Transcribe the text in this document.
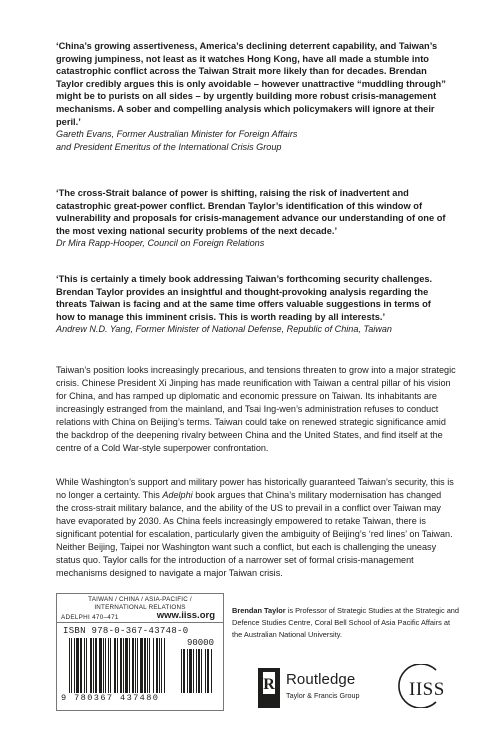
‘China’s growing assertiveness, America’s declining deterrent capability, and Taiwan’s growing jumpiness, not least as it watches Hong Kong, have all made a stumble into catastrophic conflict across the Taiwan Strait more likely than for decades. Brendan Taylor credibly argues this is only avoidable – however unattractive “muddling through” might be to purists on all sides – by urgently building more robust crisis-management mechanisms. A sober and compelling analysis which policymakers will ignore at their peril.’

Gareth Evans, Former Australian Minister for Foreign Affairs

and President Emeritus of the International Crisis Group

‘The cross-Strait balance of power is shifting, raising the risk of inadvertent and catastrophic great-power conflict. Brendan Taylor’s identification of this window of vulnerability and proposals for crisis-management advance our understanding of one of the most vexing national security problems of the next decade.’

Dr Mira Rapp-Hooper, Council on Foreign Relations

‘This is certainly a timely book addressing Taiwan’s forthcoming security challenges. Brendan Taylor provides an insightful and thought-provoking analysis regarding the threats Taiwan is facing and at the same time offers valuable suggestions in terms of how to manage this imminent crisis. This is worth reading by all interests.’

Andrew N.D. Yang, Former Minister of National Defense, Republic of China, Taiwan

Taiwan’s position looks increasingly precarious, and tensions threaten to grow into a major strategic crisis. Chinese President Xi Jinping has made reunification with Taiwan a central pillar of his vision for China, and has ramped up diplomatic and economic pressure on Taiwan. Its inhabitants are increasingly estranged from the mainland, and Tsai Ing-wen’s administration refuses to conduct relations with China on Beijing’s terms. Taiwan could take on renewed strategic significance amid the backdrop of the deepening rivalry between China and the United States, and find itself at the centre of a Cold War-style superpower confrontation.

While Washington’s support and military power has historically guaranteed Taiwan’s security, this is no longer a certainty. This Adelphi book argues that China’s military modernisation has changed the cross-strait military balance, and the ability of the US to prevail in a conflict over Taiwan may have evaporated by 2030. As China feels increasingly empowered to retake Taiwan, there is significant potential for escalation, particularly given the ambiguity of Beijing’s ‘red lines’ on Taiwan. Neither Beijing, Taipei nor Washington want such a conflict, but each is challenging the uneasy status quo. Taylor calls for the introduction of a narrower set of formal crisis-management mechanisms designed to navigate a major Taiwan crisis.

TAIWAN / CHINA / ASIA-PACIFIC / INTERNATIONAL RELATIONS
ADELPHI 470–471	www.iiss.org
ISBN 978-0-367-43748-0
90000
9 780367 437480

Brendan Taylor is Professor of Strategic Studies at the Strategic and Defence Studies Centre, Coral Bell School of Asia Pacific Affairs at the Australian National University.

R Routledge
Taylor & Francis Group	IISS
